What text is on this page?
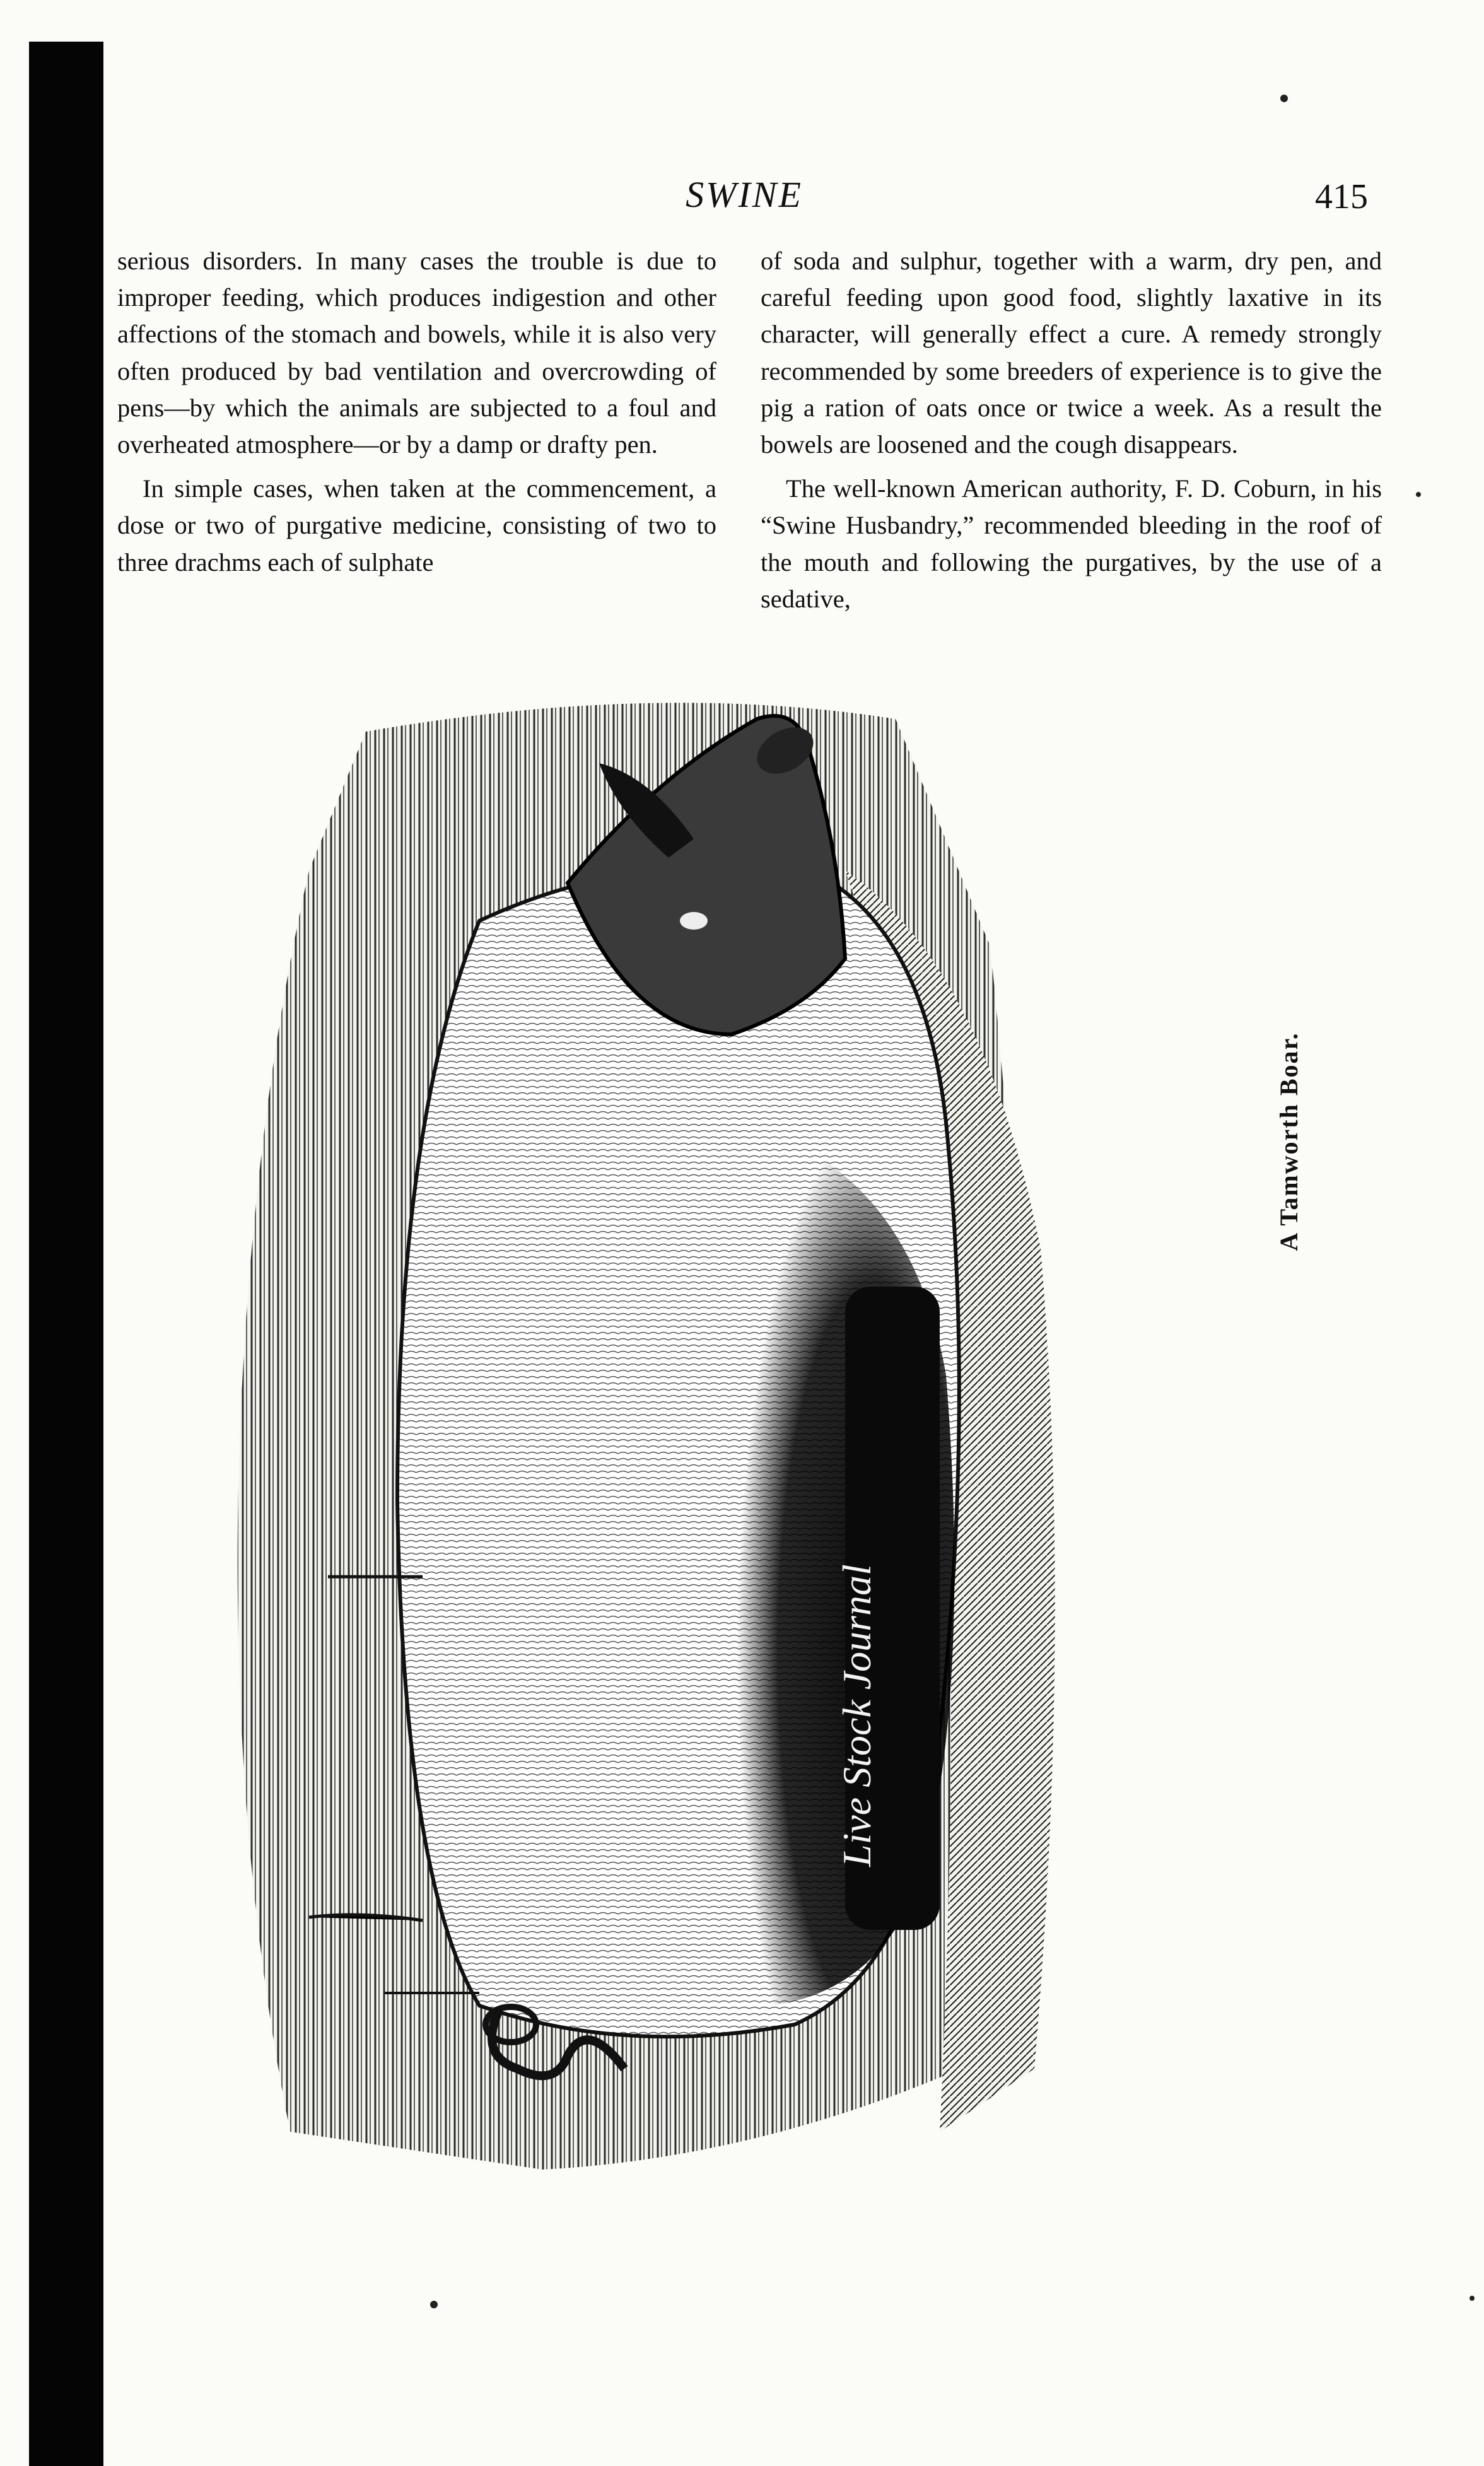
SWINE	415

serious disorders. In many cases the trouble is due to improper feeding, which produces indigestion and other affections of the stomach and bowels, while it is also very often produced by bad ventilation and overcrowding of pens—by which the animals are subjected to a foul and overheated atmosphere—or by a damp or drafty pen.

In simple cases, when taken at the commencement, a dose or two of purgative medicine, consisting of two to three drachms each of sulphate

of soda and sulphur, together with a warm, dry pen, and careful feeding upon good food, slightly laxative in its character, will generally effect a cure. A remedy strongly recommended by some breeders of experience is to give the pig a ration of oats once or twice a week. As a result the bowels are loosened and the cough disappears.

The well-known American authority, F. D. Coburn, in his “Swine Husbandry,” recommended bleeding in the roof of the mouth and following the purgatives, by the use of a sedative,

Live Stock Journal
A Tamworth Boar.
